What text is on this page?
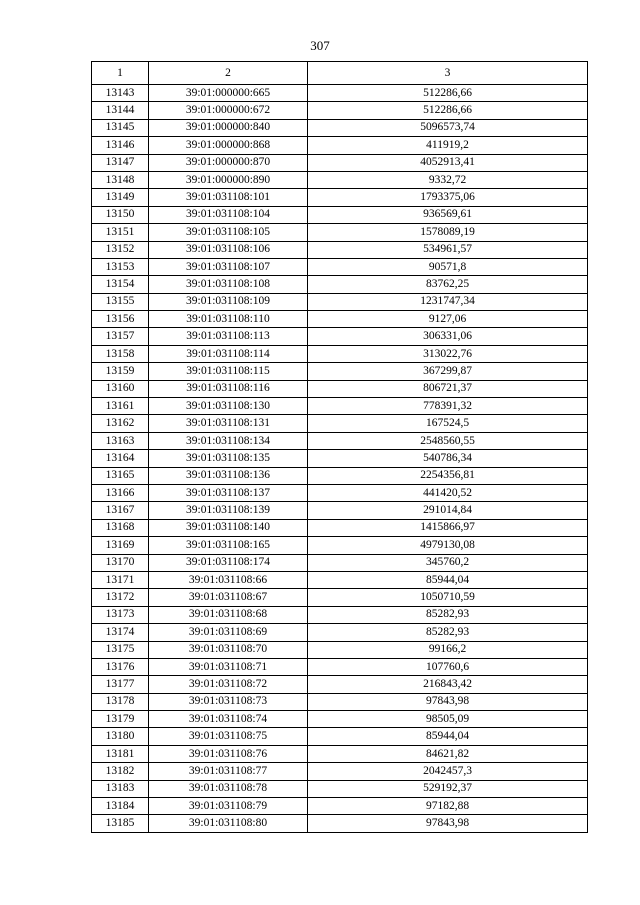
307
1	2	3
13143	39:01:000000:665	512286,66
13144	39:01:000000:672	512286,66
13145	39:01:000000:840	5096573,74
13146	39:01:000000:868	411919,2
13147	39:01:000000:870	4052913,41
13148	39:01:000000:890	9332,72
13149	39:01:031108:101	1793375,06
13150	39:01:031108:104	936569,61
13151	39:01:031108:105	1578089,19
13152	39:01:031108:106	534961,57
13153	39:01:031108:107	90571,8
13154	39:01:031108:108	83762,25
13155	39:01:031108:109	1231747,34
13156	39:01:031108:110	9127,06
13157	39:01:031108:113	306331,06
13158	39:01:031108:114	313022,76
13159	39:01:031108:115	367299,87
13160	39:01:031108:116	806721,37
13161	39:01:031108:130	778391,32
13162	39:01:031108:131	167524,5
13163	39:01:031108:134	2548560,55
13164	39:01:031108:135	540786,34
13165	39:01:031108:136	2254356,81
13166	39:01:031108:137	441420,52
13167	39:01:031108:139	291014,84
13168	39:01:031108:140	1415866,97
13169	39:01:031108:165	4979130,08
13170	39:01:031108:174	345760,2
13171	39:01:031108:66	85944,04
13172	39:01:031108:67	1050710,59
13173	39:01:031108:68	85282,93
13174	39:01:031108:69	85282,93
13175	39:01:031108:70	99166,2
13176	39:01:031108:71	107760,6
13177	39:01:031108:72	216843,42
13178	39:01:031108:73	97843,98
13179	39:01:031108:74	98505,09
13180	39:01:031108:75	85944,04
13181	39:01:031108:76	84621,82
13182	39:01:031108:77	2042457,3
13183	39:01:031108:78	529192,37
13184	39:01:031108:79	97182,88
13185	39:01:031108:80	97843,98
